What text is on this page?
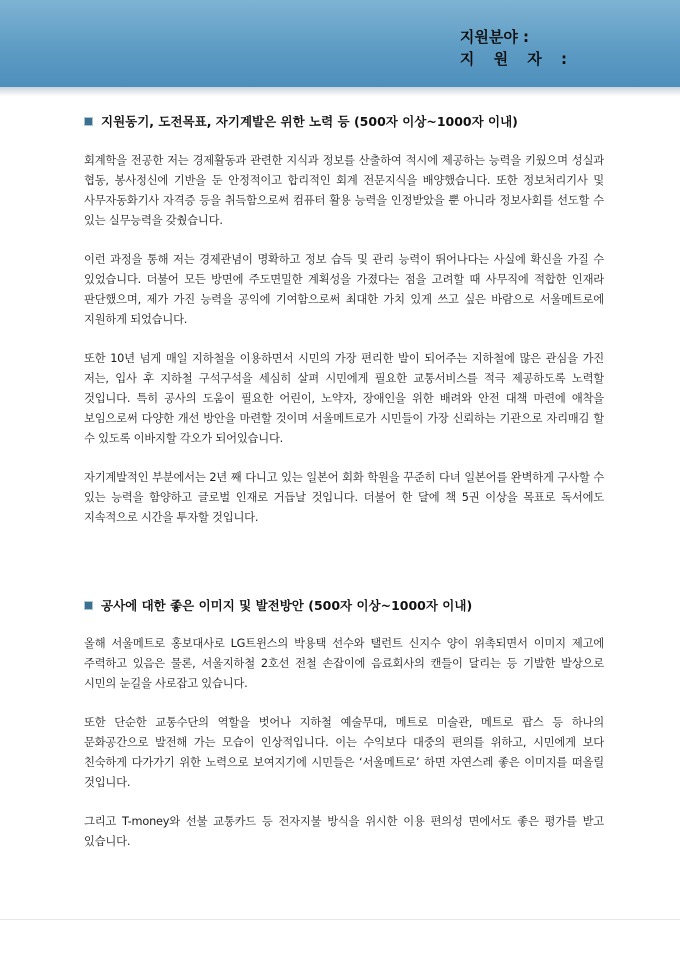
지원분야 :
지 원 자 :
지원동기, 도전목표, 자기계발은 위한 노력 등 (500자 이상~1000자 이내)

회계학을 전공한 저는 경제활동과 관련한 지식과 정보를 산출하여 적시에 제공하는 능력을 키웠으며 성실과 협동, 봉사정신에 기반을 둔 안정적이고 합리적인 회계 전문지식을 배양했습니다. 또한 정보처리기사 및 사무자동화기사 자격증 등을 취득함으로써 컴퓨터 활용 능력을 인정받았을 뿐 아니라 정보사회를 선도할 수 있는 실무능력을 갖췄습니다.

이런 과정을 통해 저는 경제관념이 명확하고 정보 습득 및 관리 능력이 뛰어나다는 사실에 확신을 가질 수 있었습니다. 더불어 모든 방면에 주도면밀한 계획성을 가졌다는 점을 고려할 때 사무직에 적합한 인재라 판단했으며, 제가 가진 능력을 공익에 기여함으로써 최대한 가치 있게 쓰고 싶은 바람으로 서울메트로에 지원하게 되었습니다.

또한 10년 넘게 매일 지하철을 이용하면서 시민의 가장 편리한 발이 되어주는 지하철에 많은 관심을 가진 저는, 입사 후 지하철 구석구석을 세심히 살펴 시민에게 필요한 교통서비스를 적극 제공하도록 노력할 것입니다. 특히 공사의 도움이 필요한 어린이, 노약자, 장애인을 위한 배려와 안전 대책 마련에 애착을 보임으로써 다양한 개선 방안을 마련할 것이며 서울메트로가 시민들이 가장 신뢰하는 기관으로 자리매김 할 수 있도록 이바지할 각오가 되어있습니다.

자기계발적인 부분에서는 2년 째 다니고 있는 일본어 회화 학원을 꾸준히 다녀 일본어를 완벽하게 구사할 수 있는 능력을 함양하고 글로벌 인재로 거듭날 것입니다. 더불어 한 달에 책 5권 이상을 목표로 독서에도 지속적으로 시간을 투자할 것입니다.

공사에 대한 좋은 이미지 및 발전방안 (500자 이상~1000자 이내)

올해 서울메트로 홍보대사로 LG트윈스의 박용택 선수와 탤런트 신지수 양이 위촉되면서 이미지 제고에 주력하고 있음은 물론, 서울지하철 2호선 전철 손잡이에 음료회사의 캔들이 달리는 등 기발한 발상으로 시민의 눈길을 사로잡고 있습니다.

또한 단순한 교통수단의 역할을 벗어나 지하철 예술무대, 메트로 미술관, 메트로 팝스 등 하나의 문화공간으로 발전해 가는 모습이 인상적입니다. 이는 수익보다 대중의 편의를 위하고, 시민에게 보다 친숙하게 다가가기 위한 노력으로 보여지기에 시민들은 ‘서울메트로’ 하면 자연스레 좋은 이미지를 떠올릴 것입니다.

그리고 T-money와 선불 교통카드 등 전자지불 방식을 위시한 이용 편의성 면에서도 좋은 평가를 받고 있습니다.
